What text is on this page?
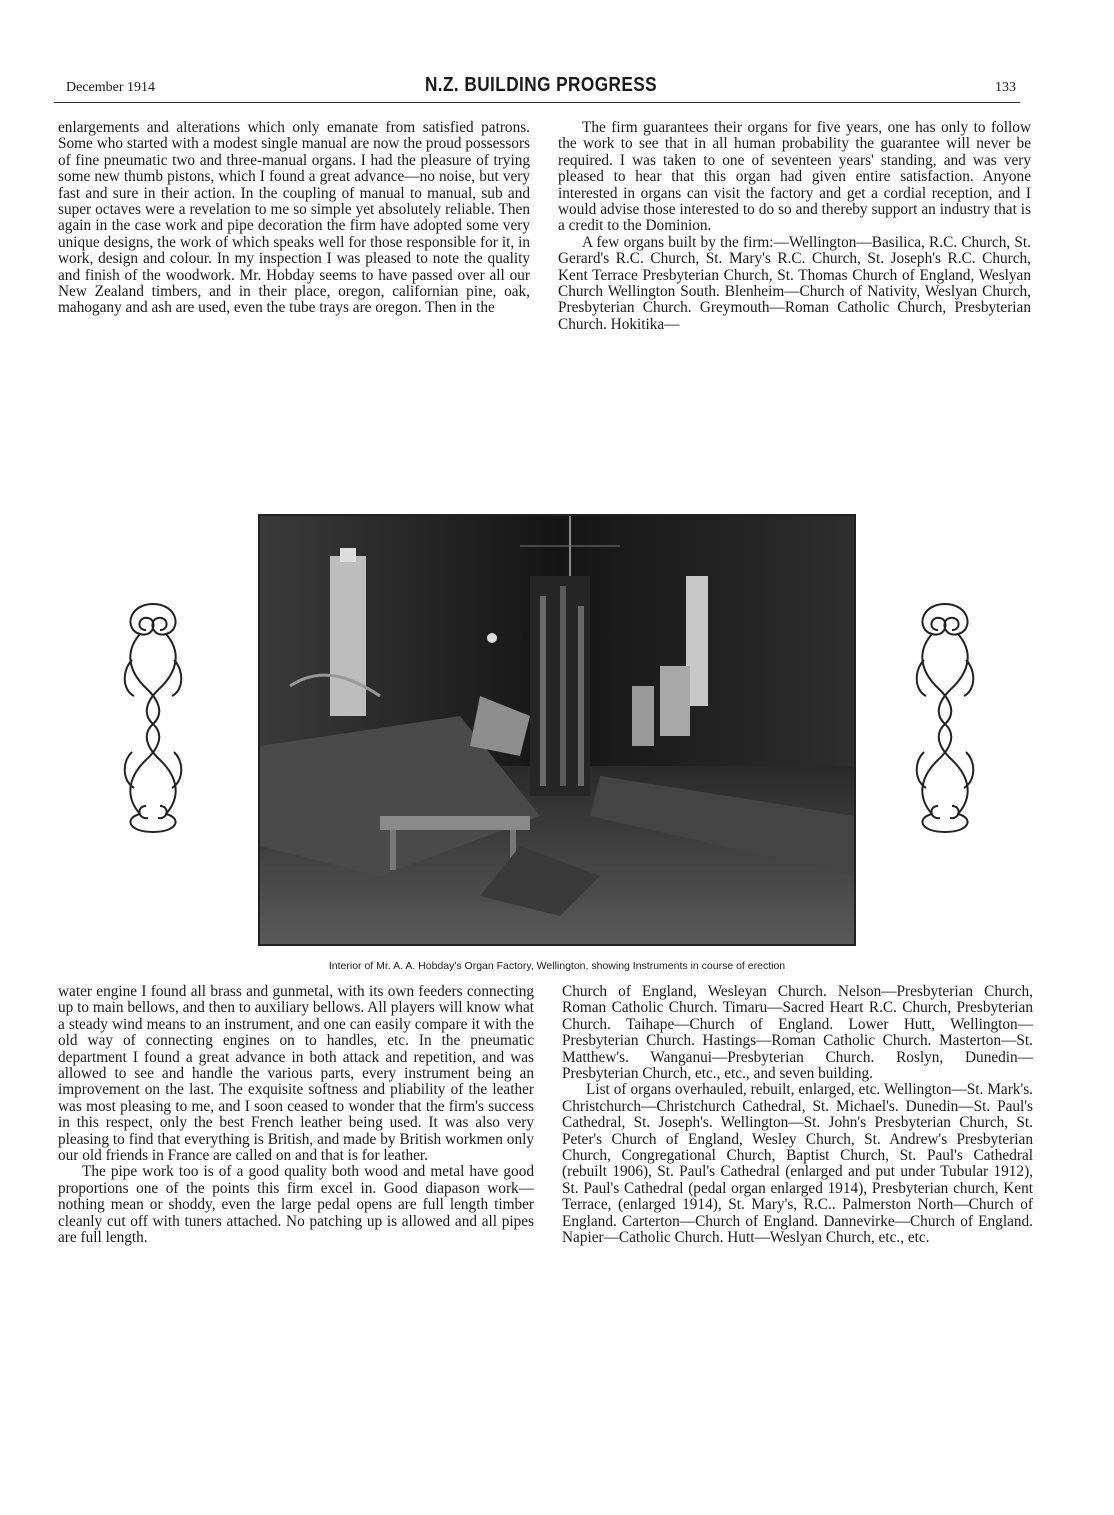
December 1914	N.Z. BUILDING PROGRESS	133

enlargements and alterations which only emanate from satisfied patrons. Some who started with a modest single manual are now the proud possessors of fine pneumatic two and three-manual organs. I had the pleasure of trying some new thumb pistons, which I found a great advance—no noise, but very fast and sure in their action. In the coupling of manual to manual, sub and super octaves were a revelation to me so simple yet absolutely reliable. Then again in the case work and pipe decoration the firm have adopted some very unique designs, the work of which speaks well for those responsible for it, in work, design and colour. In my inspection I was pleased to note the quality and finish of the woodwork. Mr. Hobday seems to have passed over all our New Zealand timbers, and in their place, oregon, californian pine, oak, mahogany and ash are used, even the tube trays are oregon. Then in the

The firm guarantees their organs for five years, one has only to follow the work to see that in all human probability the guarantee will never be required. I was taken to one of seventeen years' standing, and was very pleased to hear that this organ had given entire satisfaction. Anyone interested in organs can visit the factory and get a cordial reception, and I would advise those interested to do so and thereby support an industry that is a credit to the Dominion.

A few organs built by the firm:—Wellington—Basilica, R.C. Church, St. Gerard's R.C. Church, St. Mary's R.C. Church, St. Joseph's R.C. Church, Kent Terrace Presbyterian Church, St. Thomas Church of England, Weslyan Church Wellington South. Blenheim—Church of Nativity, Weslyan Church, Presbyterian Church. Greymouth—Roman Catholic Church, Presbyterian Church. Hokitika—

Interior of Mr. A. A. Hobday's Organ Factory, Wellington, showing Instruments in course of erection

water engine I found all brass and gunmetal, with its own feeders connecting up to main bellows, and then to auxiliary bellows. All players will know what a steady wind means to an instrument, and one can easily compare it with the old way of connecting engines on to handles, etc. In the pneumatic department I found a great advance in both attack and repetition, and was allowed to see and handle the various parts, every instrument being an improvement on the last. The exquisite softness and pliability of the leather was most pleasing to me, and I soon ceased to wonder that the firm's success in this respect, only the best French leather being used. It was also very pleasing to find that everything is British, and made by British workmen only our old friends in France are called on and that is for leather.

The pipe work too is of a good quality both wood and metal have good proportions one of the points this firm excel in. Good diapason work—nothing mean or shoddy, even the large pedal opens are full length timber cleanly cut off with tuners attached. No patching up is allowed and all pipes are full length.

Church of England, Wesleyan Church. Nelson—Presbyterian Church, Roman Catholic Church. Timaru—Sacred Heart R.C. Church, Presbyterian Church. Taihape—Church of England. Lower Hutt, Wellington—Presbyterian Church. Hastings—Roman Catholic Church. Masterton—St. Matthew's. Wanganui—Presbyterian Church. Roslyn, Dunedin—Presbyterian Church, etc., etc., and seven building.

List of organs overhauled, rebuilt, enlarged, etc. Wellington—St. Mark's. Christchurch—Christchurch Cathedral, St. Michael's. Dunedin—St. Paul's Cathedral, St. Joseph's. Wellington—St. John's Presbyterian Church, St. Peter's Church of England, Wesley Church, St. Andrew's Presbyterian Church, Congregational Church, Baptist Church, St. Paul's Cathedral (rebuilt 1906), St. Paul's Cathedral (enlarged and put under Tubular 1912), St. Paul's Cathedral (pedal organ enlarged 1914), Presbyterian church, Kent Terrace, (enlarged 1914), St. Mary's, R.C.. Palmerston North—Church of England. Carterton—Church of England. Dannevirke—Church of England. Napier—Catholic Church. Hutt—Weslyan Church, etc., etc.
